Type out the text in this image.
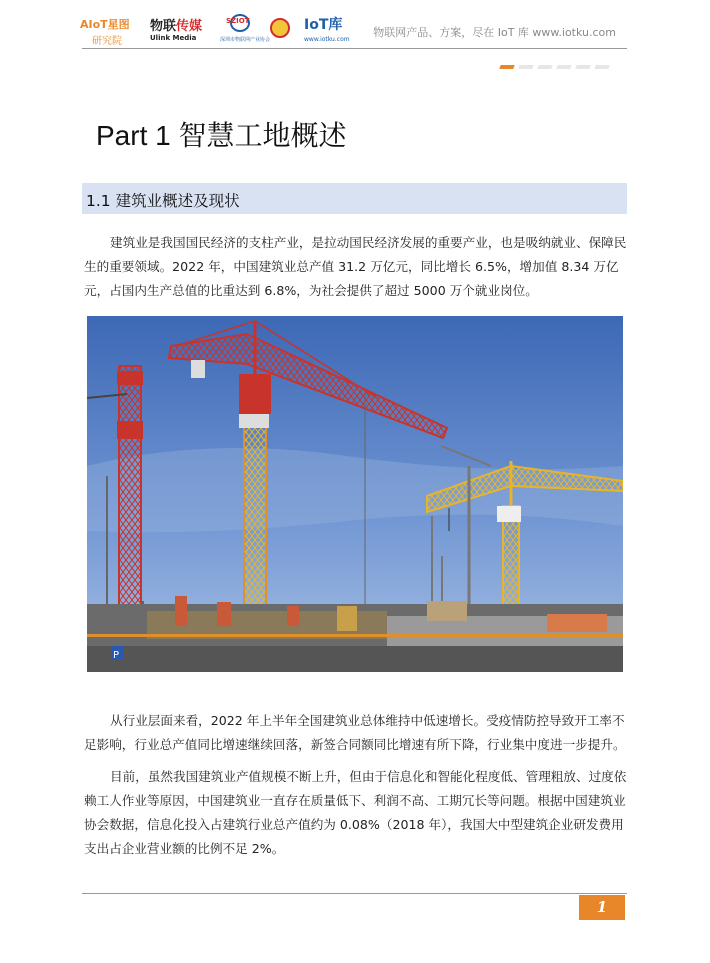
AIoT星图
研究院
物联传媒
Ulink Media
SZIOT
深圳市物联网产业协会
IoT库
www.iotku.com
物联网产品、方案，尽在 IoT 库 www.iotku.com
Part 1 智慧工地概述
1.1 建筑业概述及现状
建筑业是我国国民经济的支柱产业，是拉动国民经济发展的重要产业，也是吸纳就业、保障民生的重要领域。2022 年，中国建筑业总产值 31.2 万亿元，同比增长 6.5%，增加值 8.34 万亿元，占国内生产总值的比重达到 6.8%，为社会提供了超过 5000 万个就业岗位。
P
从行业层面来看，2022 年上半年全国建筑业总体维持中低速增长。受疫情防控导致开工率不足影响，行业总产值同比增速继续回落，新签合同额同比增速有所下降，行业集中度进一步提升。
目前，虽然我国建筑业产值规模不断上升，但由于信息化和智能化程度低、管理粗放、过度依赖工人作业等原因，中国建筑业一直存在质量低下、利润不高、工期冗长等问题。根据中国建筑业协会数据，信息化投入占建筑行业总产值约为 0.08%（2018 年），我国大中型建筑企业研发费用支出占企业营业额的比例不足 2%。
1
